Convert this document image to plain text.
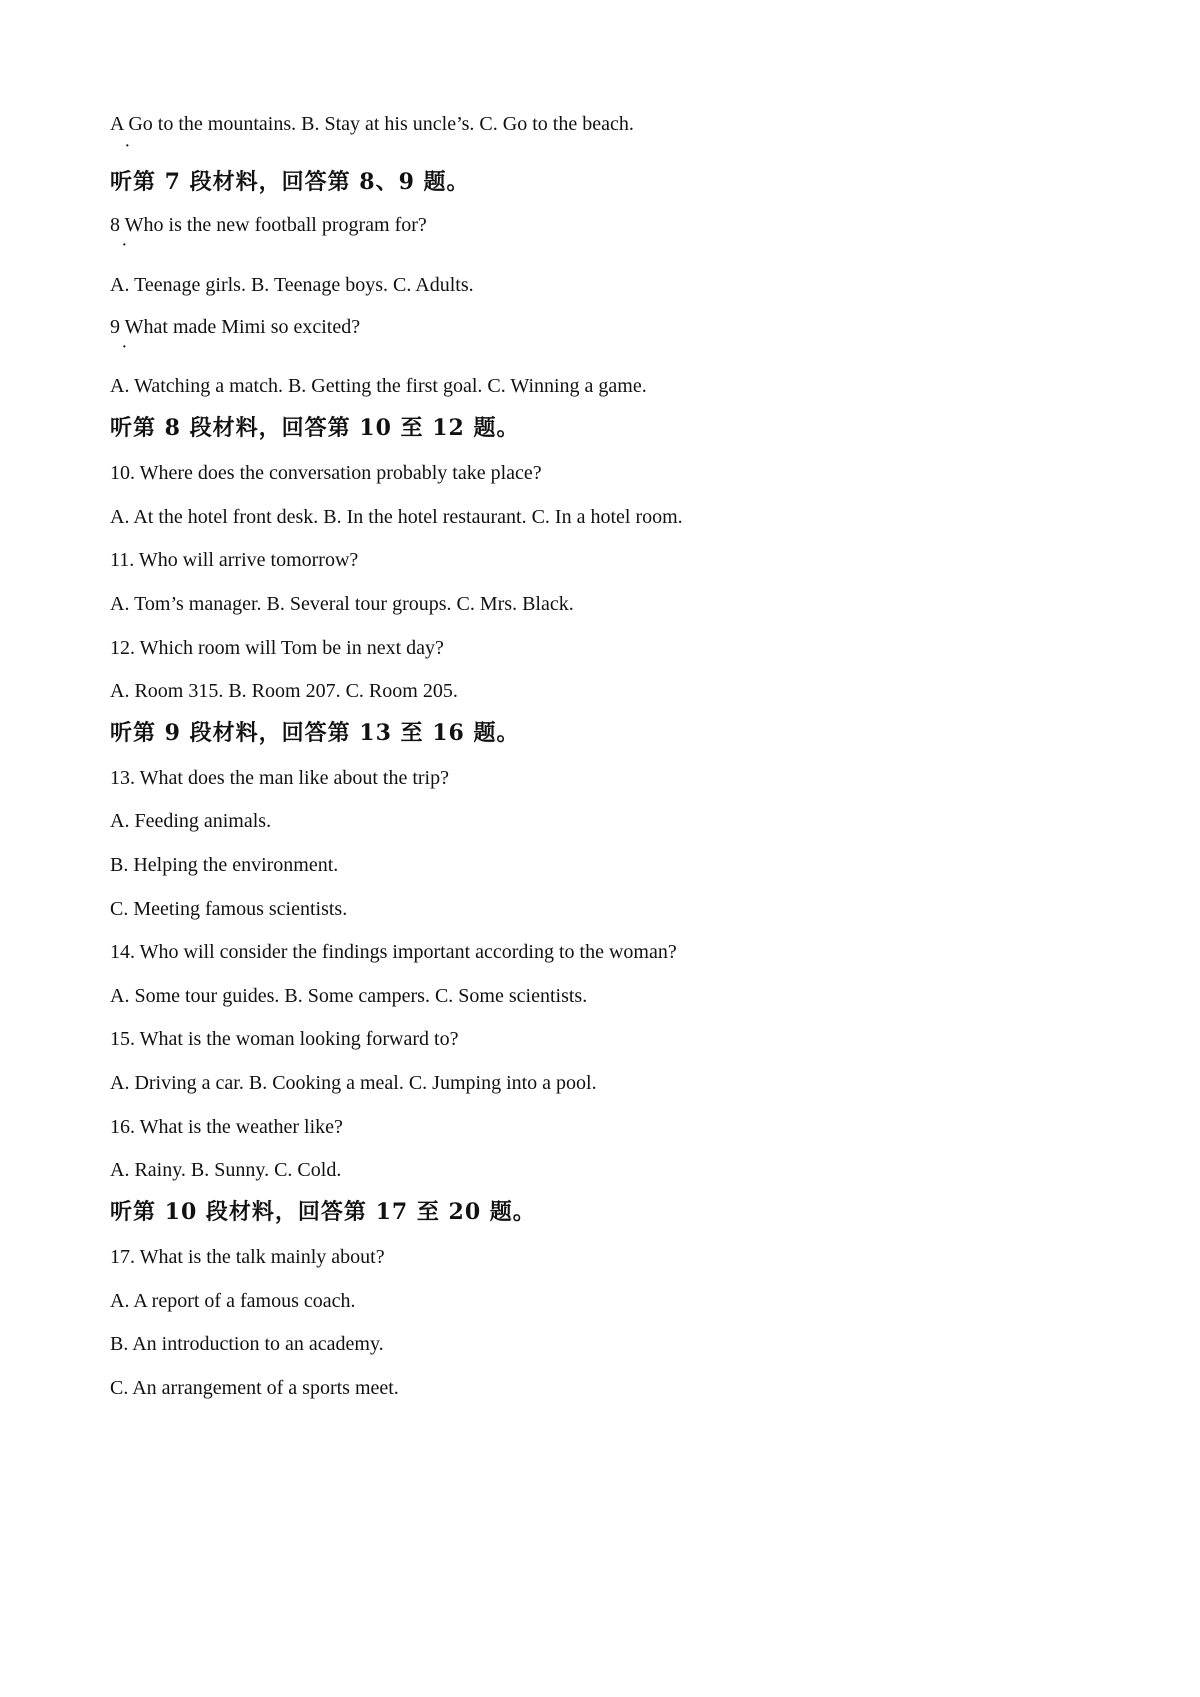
A Go to the mountains. B. Stay at his uncle’s. C. Go to the beach.
·
听第 7 段材料，回答第 8、9 题。
8 Who is the new football program for?
·
A. Teenage girls. B. Teenage boys. C. Adults.
9 What made Mimi so excited?
·
A. Watching a match. B. Getting the first goal. C. Winning a game.
听第 8 段材料，回答第 10 至 12 题。
10. Where does the conversation probably take place?
A. At the hotel front desk. B. In the hotel restaurant. C. In a hotel room.
11. Who will arrive tomorrow?
A. Tom’s manager. B. Several tour groups. C. Mrs. Black.
12. Which room will Tom be in next day?
A. Room 315. B. Room 207. C. Room 205.
听第 9 段材料，回答第 13 至 16 题。
13. What does the man like about the trip?
A. Feeding animals.
B. Helping the environment.
C. Meeting famous scientists.
14. Who will consider the findings important according to the woman?
A. Some tour guides. B. Some campers. C. Some scientists.
15. What is the woman looking forward to?
A. Driving a car. B. Cooking a meal. C. Jumping into a pool.
16. What is the weather like?
A. Rainy. B. Sunny. C. Cold.
听第 10 段材料，回答第 17 至 20 题。
17. What is the talk mainly about?
A. A report of a famous coach.
B. An introduction to an academy.
C. An arrangement of a sports meet.
